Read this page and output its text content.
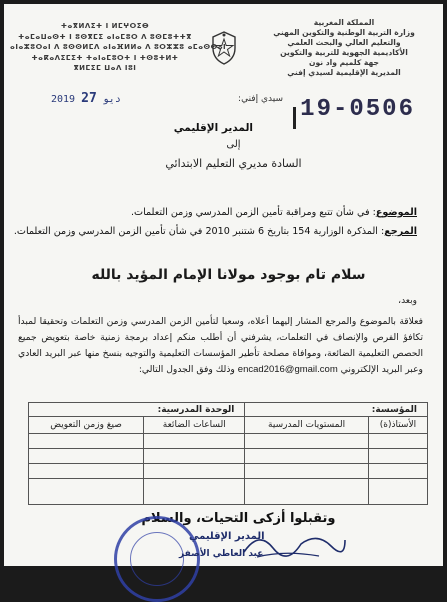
المملكة المغربية
وزارة التربية الوطنية والتكوين المهني
والتعليم العالي والبحث العلمي
الأكاديمية الجهوية للتربية والتكوين
جهة كلميم واد نون
المديرية الإقليمية لسيدي إفني
ⵜⴰⴳⵍⴷⵉⵜ ⵏ ⵍⵎⵖⵔⵉⴱ
ⵜⴰⵎⴰⵡⴰⵙⵜ ⵏ ⵓⵙⴳⵎⵉ ⴰⵏⴰⵎⵓⵔ ⴷ ⵓⵙⵎⵓⵜⵜⴳ
ⴰⵏⴰⵣⵓⵔⴰⵏ ⴷ ⵓⵙⵙⵍⵎⴷ ⴰⵏⴰⴼⵍⵍⴰ ⴷ ⵓⵔⵣⵣⵓ ⴰⵎⴰⵙⵙⴰⵏ
ⵜⴰⴽⴰⴷⵉⵎⵉⵜ ⵜⴰⵏⴰⵎⵓⵔⵜ ⵏ ⵜⵙⵓⵜⵍⵜ
ⴳⵍⵎⵉⵎ ⵡⴰⴷ ⵏⵓⵏ
سيدي إفني:
2019	ديو 27	19-0506
المدير الإقليمي
إلى
السادة مديري التعليم الابتدائي
الموضوع: في شأن تتبع ومراقبة تأمين الزمن المدرسي وزمن التعلمات.
المرجع: المذكرة الوزارية 154 بتاريخ 6 شتنبر 2010 في شأن تأمين الزمن المدرسي وزمن التعلمات.
سلام تام بوجود مولانا الإمام المؤيد بالله
وبعد،

فعلاقة بالموضوع والمرجع المشار إليهما أعلاه، وسعيا لتأمين الزمن المدرسي وزمن التعلمات وتحقيقا لمبدأ تكافؤ الفرص والإنصاف في التعلمات، يشرفني أن أطلب منكم إعداد برمجة زمنية خاصة بتعويض جميع الحصص التعليمية الضائعة، وموافاة مصلحة تأطير المؤسسات التعليمية والتوجيه بنسخ منها عبر البريد العادي وعبر البريد الإلكتروني encad2016@gmail.com وذلك وفق الجدول التالي:

المؤسسة:		الوحدة المدرسية:	
الأستاذ(ة)	المستويات المدرسية	الساعات الضائعة	صيغ وزمن التعويض

وتقبلوا أزكى التحيات، والسلام
المدير الإقليمي
عبد العاطي الأصفر
